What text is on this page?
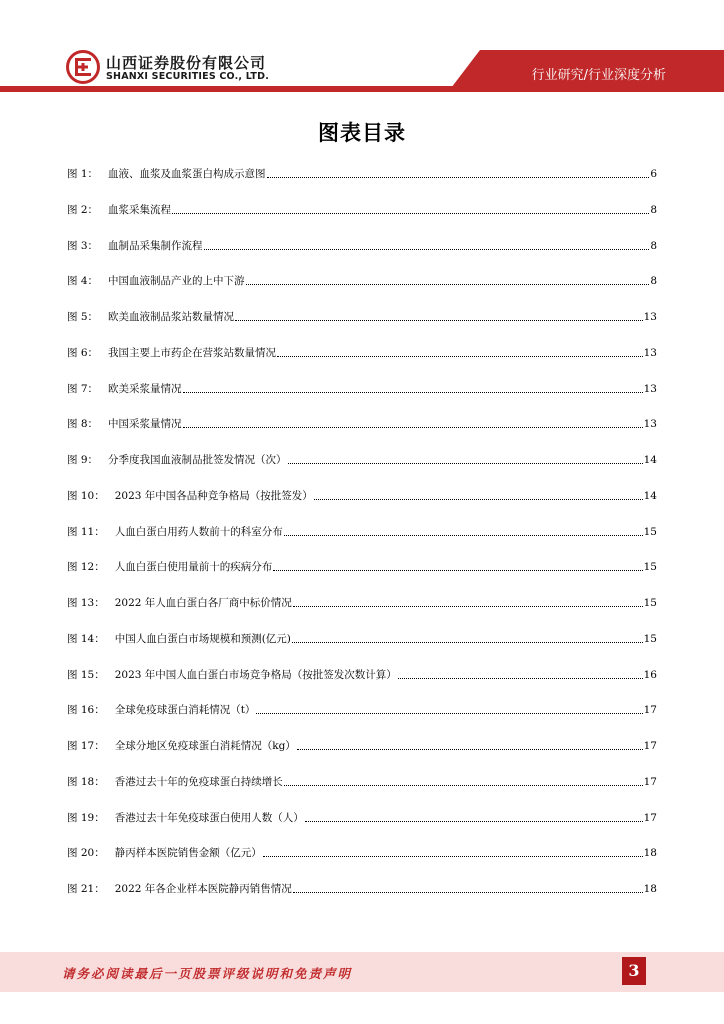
山西证券股份有限公司
SHANXI SECURITIES CO., LTD.	行业研究/行业深度分析
图表目录
图 1： 血液、血浆及血浆蛋白构成示意图	6
图 2： 血浆采集流程	8
图 3： 血制品采集制作流程	8
图 4： 中国血液制品产业的上中下游	8
图 5： 欧美血液制品浆站数量情况	13
图 6： 我国主要上市药企在营浆站数量情况	13
图 7： 欧美采浆量情况	13
图 8： 中国采浆量情况	13
图 9： 分季度我国血液制品批签发情况（次）	14
图 10： 2023 年中国各品种竞争格局（按批签发）	14
图 11： 人血白蛋白用药人数前十的科室分布	15
图 12： 人血白蛋白使用量前十的疾病分布	15
图 13： 2022 年人血白蛋白各厂商中标价情况	15
图 14： 中国人血白蛋白市场规模和预测(亿元)	15
图 15： 2023 年中国人血白蛋白市场竞争格局（按批签发次数计算）	16
图 16： 全球免疫球蛋白消耗情况（t）	17
图 17： 全球分地区免疫球蛋白消耗情况（kg）	17
图 18： 香港过去十年的免疫球蛋白持续增长	17
图 19： 香港过去十年免疫球蛋白使用人数（人）	17
图 20： 静丙样本医院销售金额（亿元）	18
图 21： 2022 年各企业样本医院静丙销售情况	18
请务必阅读最后一页股票评级说明和免责声明	3
